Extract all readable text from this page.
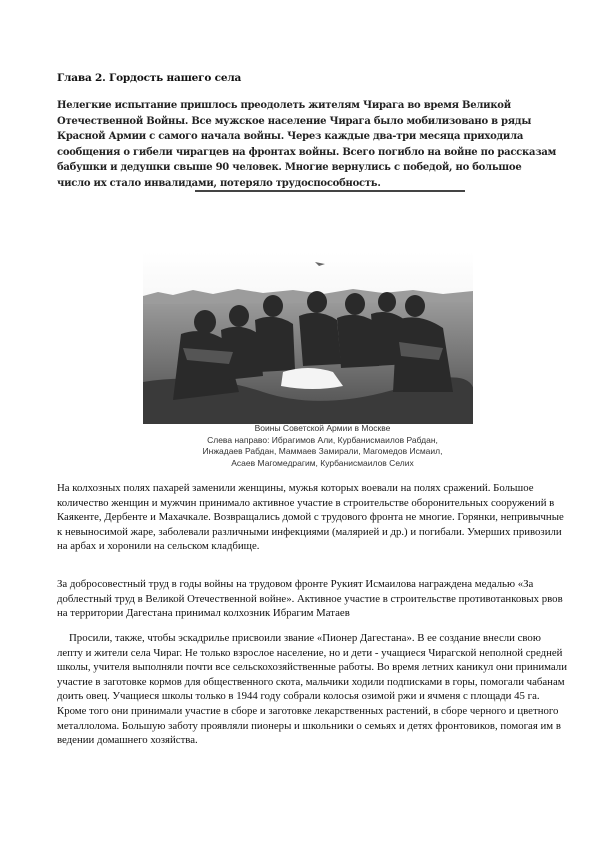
Глава 2. Гордость нашего села
Нелегкие испытание пришлось преодолеть жителям Чирага во время Великой Отечественной Войны. Все мужское население Чирага было мобилизовано в ряды Красной Армии с самого начала войны. Через каждые два-три месяца приходила сообщения о гибели чирагцев на фронтах войны. Всего погибло на войне по рассказам бабушки и дедушки свыше 90 человек. Многие вернулись с победой, но большое число их стало инвалидами, потеряло трудоспособность.
Воины Советской Армии в Москве
Слева направо: Ибрагимов Али, Курбанисмаилов Рабдан,
Инжадаев Рабдан, Маммаев Замирали, Магомедов Исмаил,
Асаев Магомедрагим, Курбанисмаилов Селих
На колхозных полях пахарей заменили женщины, мужья которых воевали на полях сражений. Большое количество женщин и мужчин принимало активное участие в строительстве оборонительных сооружений в Каякенте, Дербенте и Махачкале. Возвращались домой с трудового фронта не многие. Горянки, непривычные к невыносимой жаре, заболевали различными инфекциями (малярией и др.) и погибали. Умерших привозили на арбах и хоронили на сельском кладбище.
За добросовестный труд в годы войны на трудовом фронте Рукият Исмаилова награждена медалью «За доблестный труд в Великой Отечественной войне». Активное участие в строительстве противотанковых рвов на территории Дагестана принимал колхозник Ибрагим Матаев
Просили, также, чтобы эскадрилье присвоили звание «Пионер Дагестана». В ее создание внесли свою лепту и жители села Чираг. Не только взрослое население, но и дети - учащиеся Чирагской неполной средней школы, учителя выполняли почти все сельскохозяйственные работы. Во время летних каникул они принимали участие в заготовке кормов для общественного скота, мальчики ходили подписками в горы, помогали чабанам доить овец. Учащиеся школы только в 1944 году собрали колосья озимой ржи и ячменя с площади 45 га. Кроме того они принимали участие в сборе и заготовке лекарственных растений, в сборе черного и цветного металлолома. Большую заботу проявляли пионеры и школьники о семьях и детях фронтовиков, помогая им в ведении домашнего хозяйства.
